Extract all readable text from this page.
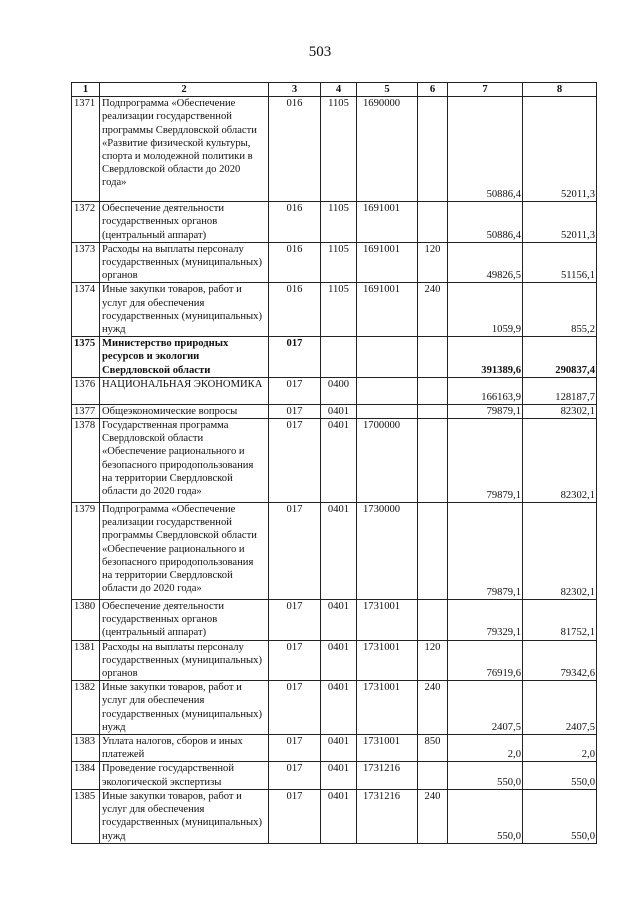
503
1	2	3	4	5	6	7	8
1371	Подпрограмма «Обеспечение реализации государственной программы Свердловской области «Развитие физической культуры, спорта и молодежной политики в Свердловской области до 2020 года»	016	1105	1690000		50886,4	52011,3
1372	Обеспечение деятельности государственных органов (центральный аппарат)	016	1105	1691001		50886,4	52011,3
1373	Расходы на выплаты персоналу государственных (муниципальных) органов	016	1105	1691001	120	49826,5	51156,1
1374	Иные закупки товаров, работ и услуг для обеспечения государственных (муниципальных) нужд	016	1105	1691001	240	1059,9	855,2
1375	Министерство природных ресурсов и экологии Свердловской области	017				391389,6	290837,4
1376	НАЦИОНАЛЬНАЯ ЭКОНОМИКА	017	0400			166163,9	128187,7
1377	Общеэкономические вопросы	017	0401			79879,1	82302,1
1378	Государственная программа Свердловской области «Обеспечение рационального и безопасного природопользования на территории Свердловской области до 2020 года»	017	0401	1700000		79879,1	82302,1
1379	Подпрограмма «Обеспечение реализации государственной программы Свердловской области «Обеспечение рационального и безопасного природопользования на территории Свердловской области до 2020 года»	017	0401	1730000		79879,1	82302,1
1380	Обеспечение деятельности государственных органов (центральный аппарат)	017	0401	1731001		79329,1	81752,1
1381	Расходы на выплаты персоналу государственных (муниципальных) органов	017	0401	1731001	120	76919,6	79342,6
1382	Иные закупки товаров, работ и услуг для обеспечения государственных (муниципальных) нужд	017	0401	1731001	240	2407,5	2407,5
1383	Уплата налогов, сборов и иных платежей	017	0401	1731001	850	2,0	2,0
1384	Проведение государственной экологической экспертизы	017	0401	1731216		550,0	550,0
1385	Иные закупки товаров, работ и услуг для обеспечения государственных (муниципальных) нужд	017	0401	1731216	240	550,0	550,0
